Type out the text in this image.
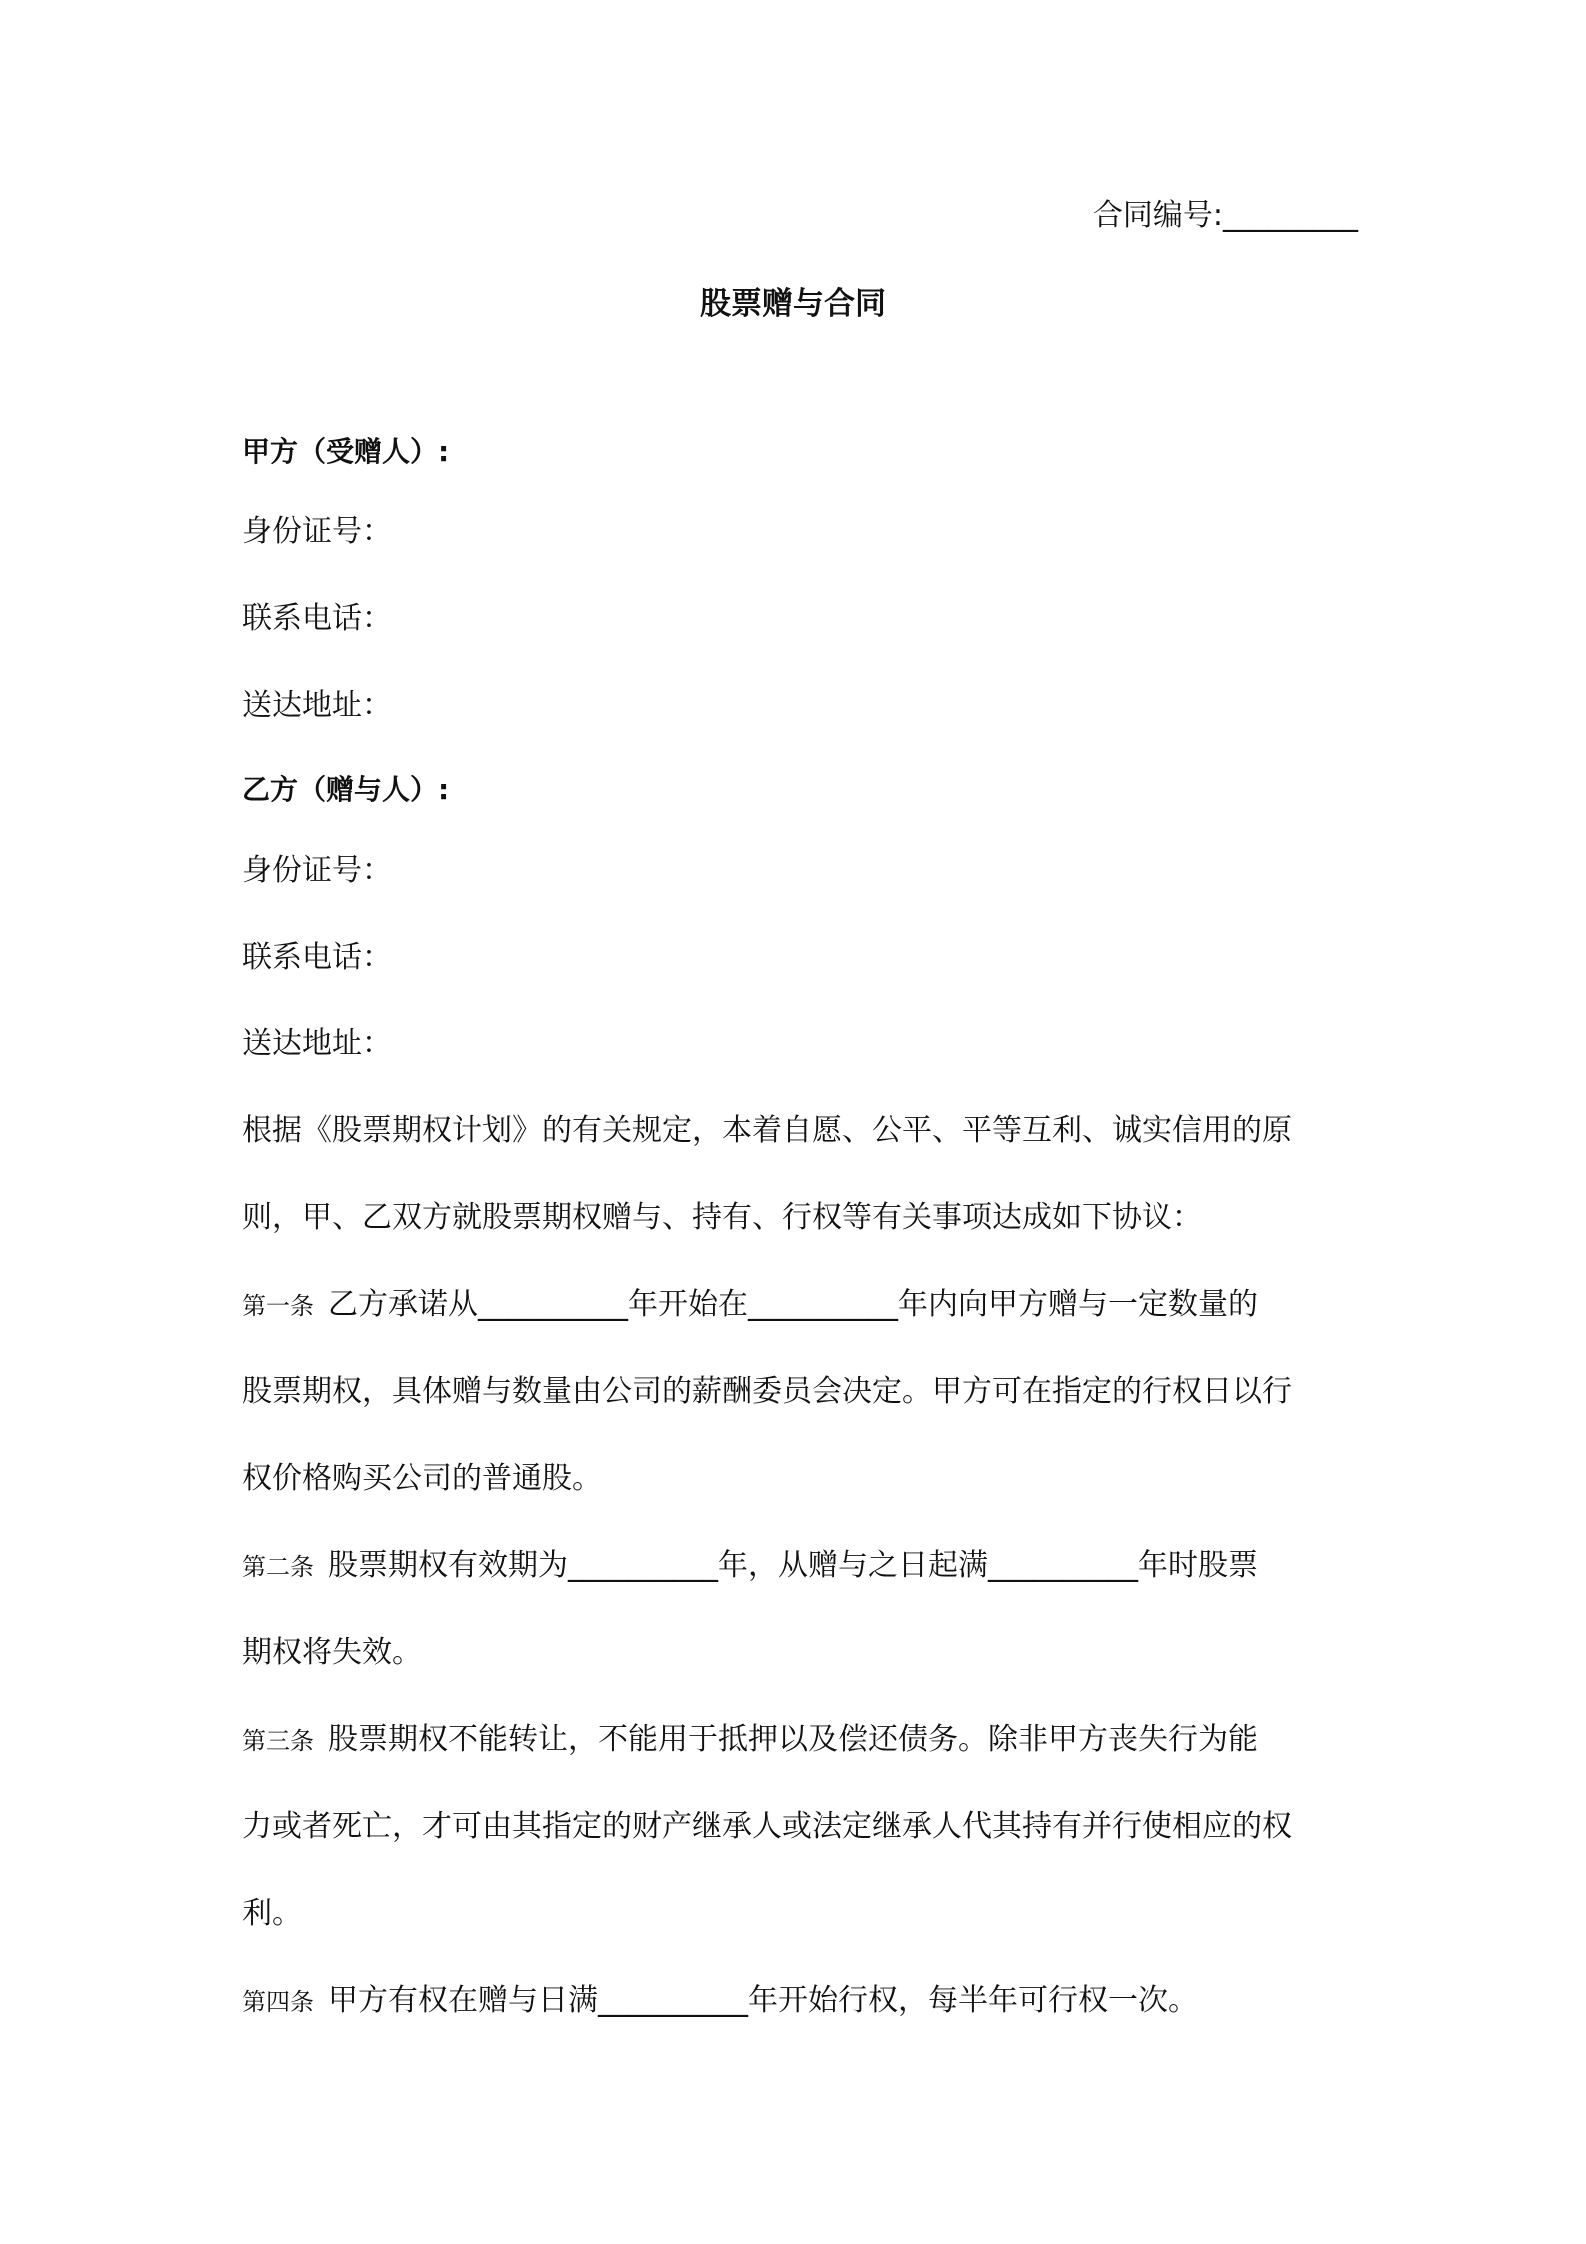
合同编号:_________
股票赠与合同
甲方（受赠人）:
身份证号：
联系电话：
送达地址：
乙方（赠与人）:
身份证号：
联系电话：
送达地址：
根据《股票期权计划》的有关规定，本着自愿、公平、平等互利、诚实信用的原
则，甲、乙双方就股票期权赠与、持有、行权等有关事项达成如下协议：
第一条 乙方承诺从__________年开始在__________年内向甲方赠与一定数量的
股票期权，具体赠与数量由公司的薪酬委员会决定。甲方可在指定的行权日以行
权价格购买公司的普通股。
第二条 股票期权有效期为__________年，从赠与之日起满__________年时股票
期权将失效。
第三条 股票期权不能转让，不能用于抵押以及偿还债务。除非甲方丧失行为能
力或者死亡，才可由其指定的财产继承人或法定继承人代其持有并行使相应的权
利。
第四条 甲方有权在赠与日满__________年开始行权，每半年可行权一次。
